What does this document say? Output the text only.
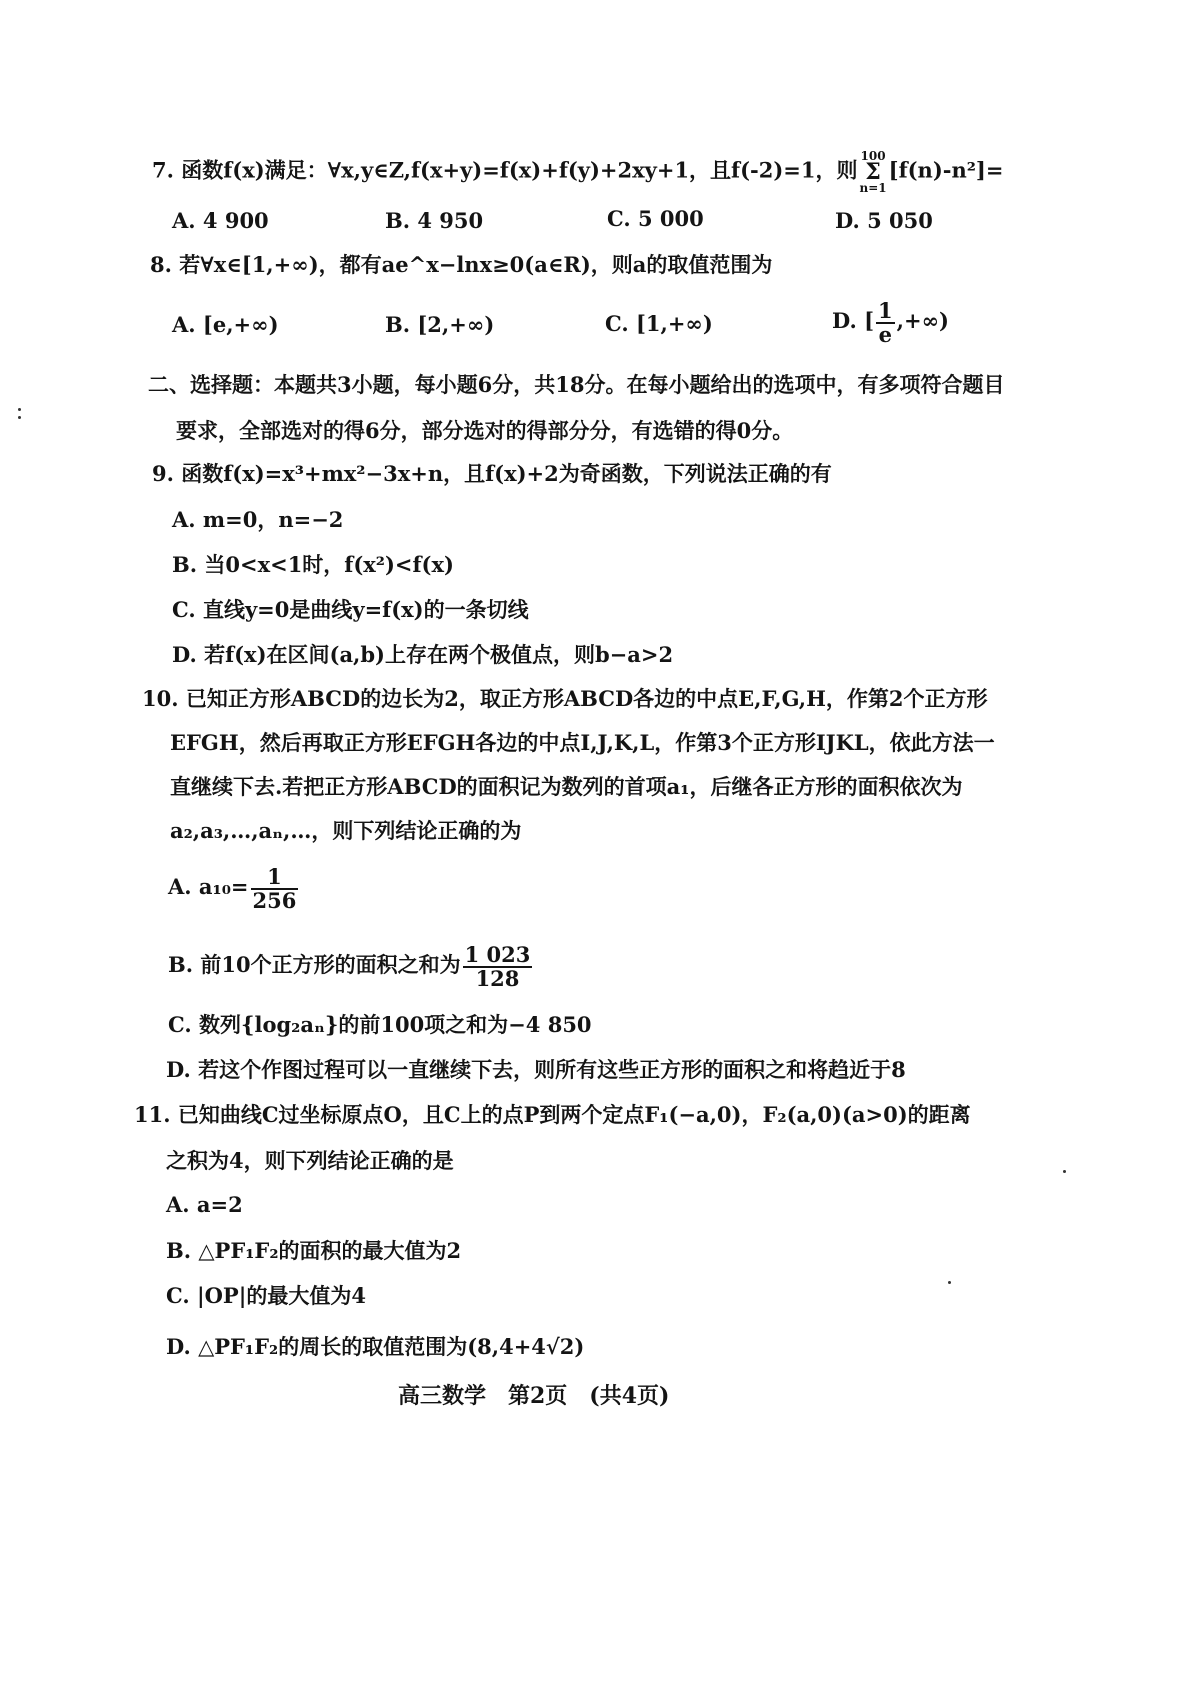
7. 函数f(x)满足：∀x,y∈Z,f(x+y)=f(x)+f(y)+2xy+1，且f(-2)=1，则100
Σ
n=1[f(n)-n²]=
A. 4 900	B. 4 950	C. 5 000	D. 5 050
8. 若∀x∈[1,+∞)，都有ae^x−lnx≥0(a∈R)，则a的取值范围为
A. [e,+∞)	B. [2,+∞)	C. [1,+∞)	D. [ $\frac{1}{e}$ ,+∞)
二、选择题：本题共3小题，每小题6分，共18分。在每小题给出的选项中，有多项符合题目
要求，全部选对的得6分，部分选对的得部分分，有选错的得0分。
9. 函数f(x)=x³+mx²−3x+n，且f(x)+2为奇函数，下列说法正确的有
A. m=0，n=−2
B. 当0<x<1时，f(x²)<f(x)
C. 直线y=0是曲线y=f(x)的一条切线
D. 若f(x)在区间(a,b)上存在两个极值点，则b−a>2
10. 已知正方形ABCD的边长为2，取正方形ABCD各边的中点E,F,G,H，作第2个正方形
EFGH，然后再取正方形EFGH各边的中点I,J,K,L，作第3个正方形IJKL，依此方法一
直继续下去.若把正方形ABCD的面积记为数列的首项a₁，后继各正方形的面积依次为
a₂,a₃,…,aₙ,…，则下列结论正确的为
A. $a_{10}= \frac{1}{256}$
B. 前10个正方形的面积之和为 $\frac{1 023}{128}$
C. 数列{log₂aₙ}的前100项之和为−4 850
D. 若这个作图过程可以一直继续下去，则所有这些正方形的面积之和将趋近于8
11. 已知曲线C过坐标原点O，且C上的点P到两个定点F₁(−a,0)，F₂(a,0)(a>0)的距离
之积为4，则下列结论正确的是
A. a=2
B. △PF₁F₂的面积的最大值为2
C. |OP|的最大值为4
D. △PF₁F₂的周长的取值范围为(8,4+4√2)
高三数学　第2页　(共4页)
